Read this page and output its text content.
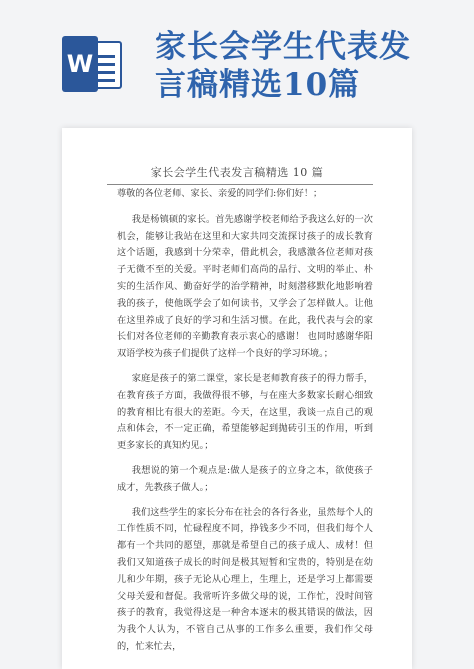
W 家长会学生代表发
言稿精选10篇
家长会学生代表发言稿精选 10 篇

尊敬的各位老师、家长、亲爱的同学们:你们好！；

我是杨镇硕的家长。首先感谢学校老师给予我这么好的一次机会，能够让我站在这里和大家共同交流探讨孩子的成长教育这个话题，我感到十分荣幸，借此机会，我感激各位老师对孩子无微不至的关爱。平时老师们高尚的品行、文明的举止、朴实的生活作风、勤奋好学的治学精神，时刻潜移默化地影响着我的孩子，使他既学会了如何读书，又学会了怎样做人。让他在这里养成了良好的学习和生活习惯。在此，我代表与会的家长们对各位老师的辛勤教育表示衷心的感谢！ 也同时感谢华阳双语学校为孩子们提供了这样一个良好的学习环境。；

家庭是孩子的第二课堂，家长是老师教育孩子的得力帮手，在教育孩子方面，我做得很不够，与在座大多数家长耐心细致的教育相比有很大的差距。今天，在这里，我谈一点自己的观点和体会，不一定正确，希望能够起到抛砖引玉的作用，听到更多家长的真知灼见。；

我想说的第一个观点是:做人是孩子的立身之本，欲使孩子成才，先教孩子做人。；

我们这些学生的家长分布在社会的各行各业，虽然每个人的工作性质不同，忙碌程度不同，挣钱多少不同，但我们每个人都有一个共同的愿望，那就是希望自己的孩子成人、成材！但我们又知道孩子成长的时间是极其短暂和宝贵的，特别是在幼儿和少年期，孩子无论从心理上，生理上，还是学习上都需要父母关爱和督促。我常听许多做父母的说，工作忙，没时间管孩子的教育，我觉得这是一种舍本逐末的极其错误的做法，因为我个人认为，不管自己从事的工作多么重要，我们作父母的，忙来忙去，
